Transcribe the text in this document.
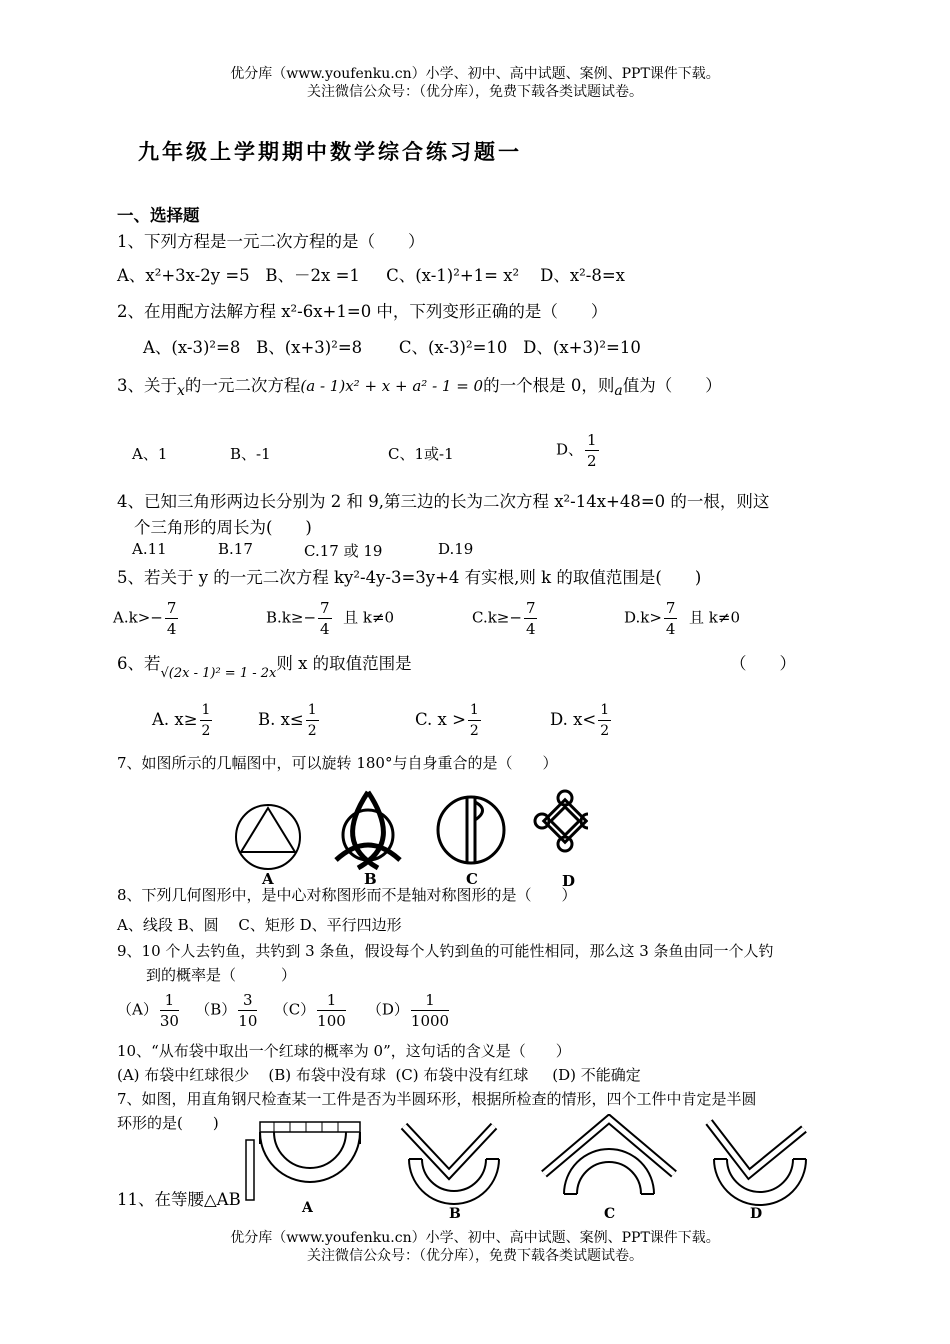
优分库（www.youfenku.cn）小学、初中、高中试题、案例、PPT课件下载。
关注微信公众号：（优分库），免费下载各类试题试卷。
九年级上学期期中数学综合练习题一
一、选择题
1、下列方程是一元二次方程的是（　　）
A、x²+3x-2y =5 B、－2x =1 C、(x-1)²+1= x² D、x²-8=x
2、在用配方法解方程 x²-6x+1=0 中，下列变形正确的是（　　）
A、(x-3)²=8 B、(x+3)²=8 C、(x-3)²=10 D、(x+3)²=10
3、关于$_x$的一元二次方程(a - 1)x² + x + a² - 1 = 0的一个根是 0，则$_a$值为（　　）
A、1	B、-1	C、1或-1	D、 $\frac{1}{2}$
4、已知三角形两边长分别为 2 和 9,第三边的长为二次方程 x²-14x+48=0 的一根，则这
个三角形的周长为(　　)
A.11	B.17	C.17 或 19	D.19
5、若关于 y 的一元二次方程 ky²-4y-3=3y+4 有实根,则 k 的取值范围是(　　)
$A.k>- \frac{7}{4}$	$B.k\ge- \frac{7}{4}$ 且 k≠0	$C.k\ge- \frac{7}{4}$	$D.k> \frac{7}{4}$ 且 k≠0
6、若$_{√(2x - 1)^2 = 1 - 2x}$则 x 的取值范围是	（　　）
A. $x\ge \frac{1}{2}$	B. $x\le \frac{1}{2}$	C. $x > \frac{1}{2}$	D. $x< \frac{1}{2}$
7、如图所示的几幅图中，可以旋转 180°与自身重合的是（　　）
A	B	C	D
8、下列几何图形中，是中心对称图形而不是轴对称图形的是（　　）
A、线段 B、圆　 C、矩形 D、平行四边形
9、10 个人去钓鱼，共钓到 3 条鱼，假设每个人钓到鱼的可能性相同，那么这 3 条鱼由同一个人钓
到的概率是（　　　）
$(A) \frac{1}{30} (B) \frac{3}{10} (C) \frac{1}{100} (D) \frac{1}{1000}$
10、“从布袋中取出一个红球的概率为 0”，这句话的含义是（　　）
(A) 布袋中红球很少 (B) 布袋中没有球 (C) 布袋中没有红球 (D) 不能确定
7、如图，用直角钢尺检查某一工件是否为半圆环形，根据所检查的情形，四个工件中肯定是半圆
环形的是(　　)
11、在等腰△AB	A	B	C	D
优分库（www.youfenku.cn）小学、初中、高中试题、案例、PPT课件下载。
关注微信公众号：（优分库），免费下载各类试题试卷。
